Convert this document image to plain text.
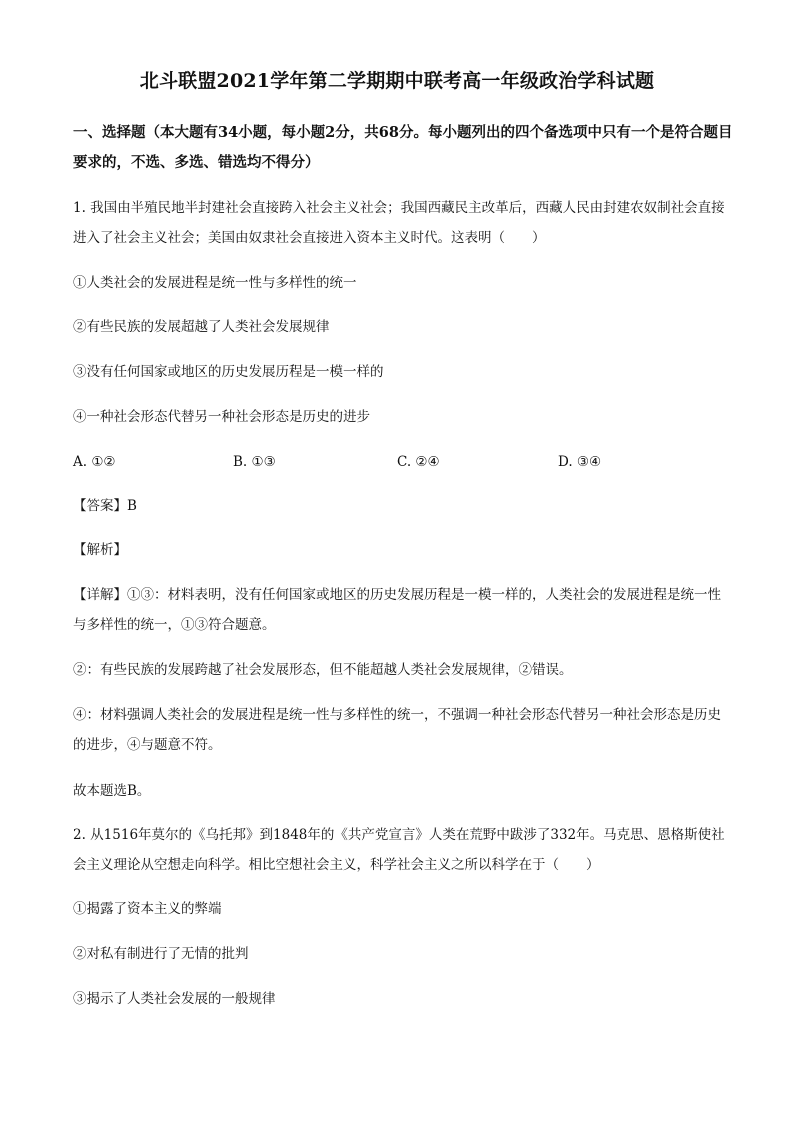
北斗联盟2021学年第二学期期中联考高一年级政治学科试题
一、选择题（本大题有34小题，每小题2分，共68分。每小题列出的四个备选项中只有一个是符合题目要求的，不选、多选、错选均不得分）
1. 我国由半殖民地半封建社会直接跨入社会主义社会；我国西藏民主改革后，西藏人民由封建农奴制社会直接进入了社会主义社会；美国由奴隶社会直接进入资本主义时代。这表明（　　）
①人类社会的发展进程是统一性与多样性的统一
②有些民族的发展超越了人类社会发展规律
③没有任何国家或地区的历史发展历程是一模一样的
④一种社会形态代替另一种社会形态是历史的进步
A. ①②	B. ①③	C. ②④	D. ③④
【答案】B
【解析】
【详解】①③：材料表明，没有任何国家或地区的历史发展历程是一模一样的，人类社会的发展进程是统一性与多样性的统一，①③符合题意。
②：有些民族的发展跨越了社会发展形态，但不能超越人类社会发展规律，②错误。
④：材料强调人类社会的发展进程是统一性与多样性的统一，不强调一种社会形态代替另一种社会形态是历史的进步，④与题意不符。
故本题选B。
2. 从1516年莫尔的《乌托邦》到1848年的《共产党宣言》人类在荒野中跋涉了332年。马克思、恩格斯使社会主义理论从空想走向科学。相比空想社会主义，科学社会主义之所以科学在于（　　）
①揭露了资本主义的弊端
②对私有制进行了无情的批判
③揭示了人类社会发展的一般规律
